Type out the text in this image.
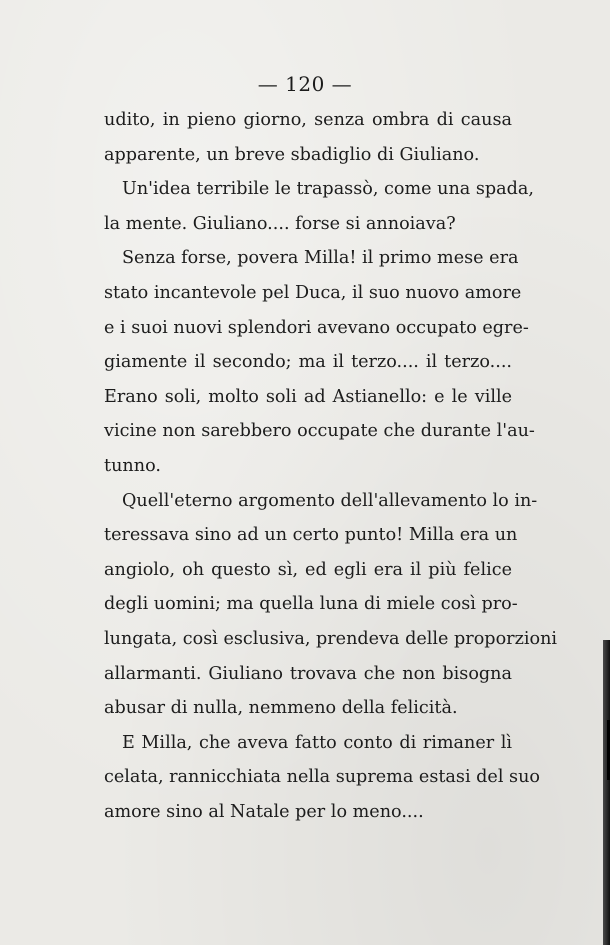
— 120 —
udito, in pieno giorno, senza ombra di causa
apparente, un breve sbadiglio di Giuliano.
Un'idea terribile le trapassò, come una spada,
la mente. Giuliano.... forse si annoiava?
Senza forse, povera Milla! il primo mese era
stato incantevole pel Duca, il suo nuovo amore
e i suoi nuovi splendori avevano occupato egre-
giamente il secondo; ma il terzo.... il terzo....
Erano soli, molto soli ad Astianello: e le ville
vicine non sarebbero occupate che durante l'au-
tunno.
Quell'eterno argomento dell'allevamento lo in-
teressava sino ad un certo punto! Milla era un
angiolo, oh questo sì, ed egli era il più felice
degli uomini; ma quella luna di miele così pro-
lungata, così esclusiva, prendeva delle proporzioni
allarmanti. Giuliano trovava che non bisogna
abusar di nulla, nemmeno della felicità.
E Milla, che aveva fatto conto di rimaner lì
celata, rannicchiata nella suprema estasi del suo
amore sino al Natale per lo meno....
